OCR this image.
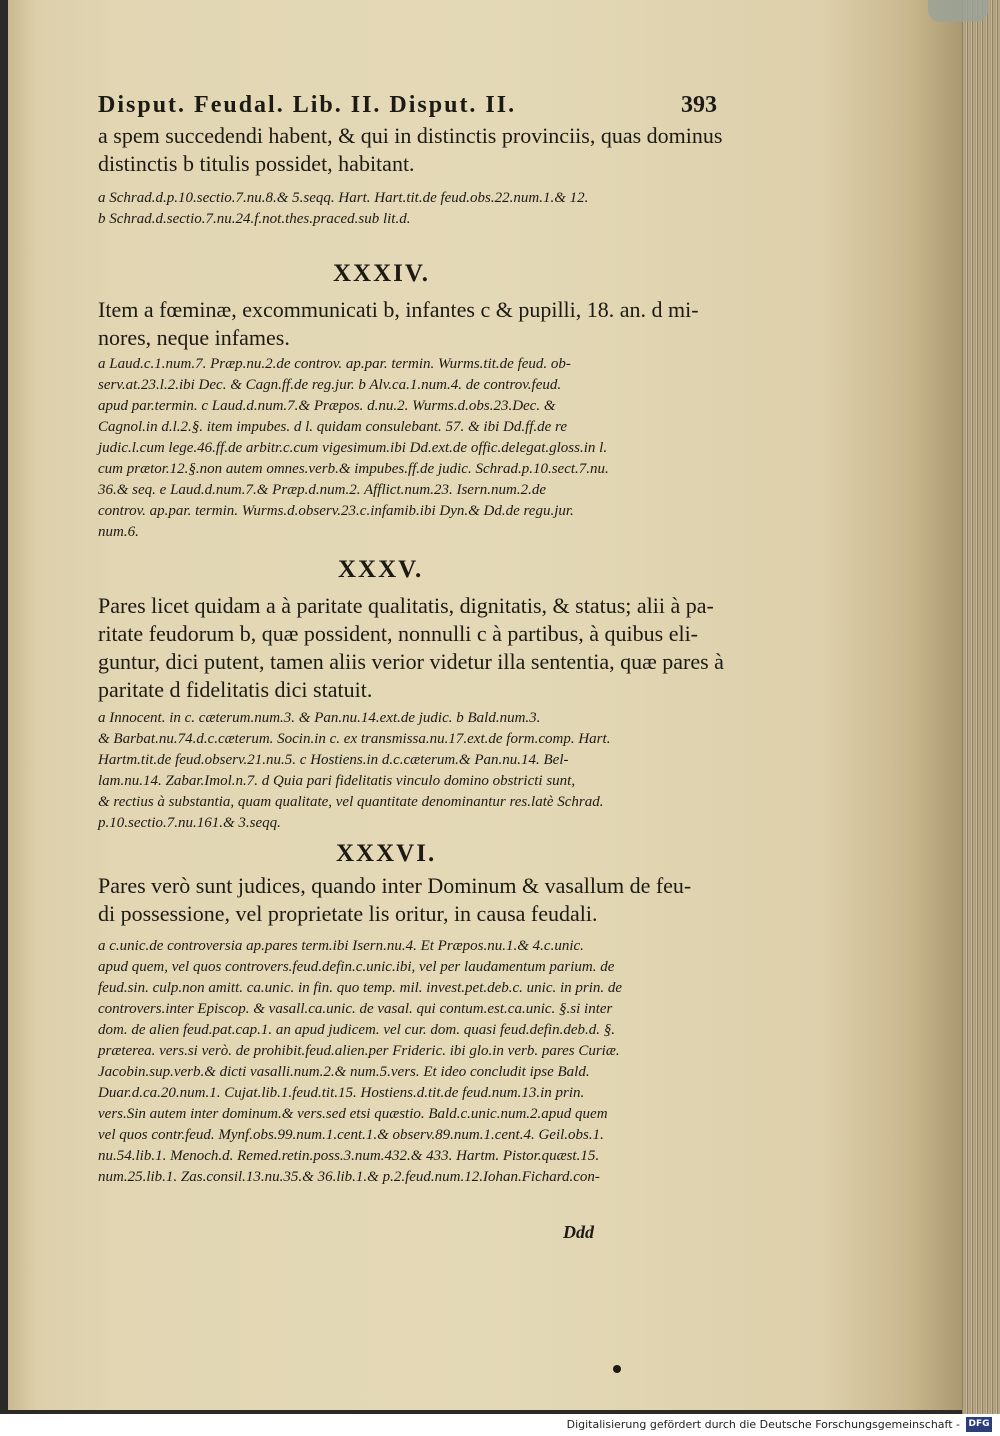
Disput. Feudal. Lib. II. Disput. II.	393
a spem succedendi habent, & qui in distinctis provinciis, quas dominus
distinctis b titulis possidet, habitant.
a Schrad.d.p.10.sectio.7.nu.8.& 5.seqq. Hart. Hart.tit.de feud.obs.22.num.1.& 12.
b Schrad.d.sectio.7.nu.24.f.not.thes.praced.sub lit.d.
XXXIV.
Item a fœminæ, excommunicati b, infantes c & pupilli, 18. an. d mi-
nores, neque infames.
a Laud.c.1.num.7. Præp.nu.2.de controv. ap.par. termin. Wurms.tit.de feud. ob-
serv.at.23.l.2.ibi Dec. & Cagn.ff.de reg.jur. b Alv.ca.1.num.4. de controv.feud.
apud par.termin. c Laud.d.num.7.& Præpos. d.nu.2. Wurms.d.obs.23.Dec. &
Cagnol.in d.l.2.§. item impubes. d l. quidam consulebant. 57. & ibi Dd.ff.de re
judic.l.cum lege.46.ff.de arbitr.c.cum vigesimum.ibi Dd.ext.de offic.delegat.gloss.in l.
cum prætor.12.§.non autem omnes.verb.& impubes.ff.de judic. Schrad.p.10.sect.7.nu.
36.& seq. e Laud.d.num.7.& Præp.d.num.2. Afflict.num.23. Isern.num.2.de
controv. ap.par. termin. Wurms.d.observ.23.c.infamib.ibi Dyn.& Dd.de regu.jur.
num.6.
XXXV.
Pares licet quidam a à paritate qualitatis, dignitatis, & status; alii à pa-
ritate feudorum b, quæ possident, nonnulli c à partibus, à quibus eli-
guntur, dici putent, tamen aliis verior videtur illa sententia, quæ pares à
paritate d fidelitatis dici statuit.
a Innocent. in c. cæterum.num.3. & Pan.nu.14.ext.de judic. b Bald.num.3.
& Barbat.nu.74.d.c.cæterum. Socin.in c. ex transmissa.nu.17.ext.de form.comp. Hart.
Hartm.tit.de feud.observ.21.nu.5. c Hostiens.in d.c.cæterum.& Pan.nu.14. Bel-
lam.nu.14. Zabar.Imol.n.7. d Quia pari fidelitatis vinculo domino obstricti sunt,
& rectius à substantia, quam qualitate, vel quantitate denominantur res.latè Schrad.
p.10.sectio.7.nu.161.& 3.seqq.
XXXVI.
Pares verò sunt judices, quando inter Dominum & vasallum de feu-
di possessione, vel proprietate lis oritur, in causa feudali.
a c.unic.de controversia ap.pares term.ibi Isern.nu.4. Et Præpos.nu.1.& 4.c.unic.
apud quem, vel quos controvers.feud.defin.c.unic.ibi, vel per laudamentum parium. de
feud.sin. culp.non amitt. ca.unic. in fin. quo temp. mil. invest.pet.deb.c. unic. in prin. de
controvers.inter Episcop. & vasall.ca.unic. de vasal. qui contum.est.ca.unic. §.si inter
dom. de alien feud.pat.cap.1. an apud judicem. vel cur. dom. quasi feud.defin.deb.d. §.
præterea. vers.si verò. de prohibit.feud.alien.per Frideric. ibi glo.in verb. pares Curiæ.
Jacobin.sup.verb.& dicti vasalli.num.2.& num.5.vers. Et ideo concludit ipse Bald.
Duar.d.ca.20.num.1. Cujat.lib.1.feud.tit.15. Hostiens.d.tit.de feud.num.13.in prin.
vers.Sin autem inter dominum.& vers.sed etsi quæstio. Bald.c.unic.num.2.apud quem
vel quos contr.feud. Mynf.obs.99.num.1.cent.1.& observ.89.num.1.cent.4. Geil.obs.1.
nu.54.lib.1. Menoch.d. Remed.retin.poss.3.num.432.& 433. Hartm. Pistor.quæst.15.
num.25.lib.1. Zas.consil.13.nu.35.& 36.lib.1.& p.2.feud.num.12.Iohan.Fichard.con-
Ddd
Digitalisierung gefördert durch die Deutsche Forschungsgemeinschaft - DFG
